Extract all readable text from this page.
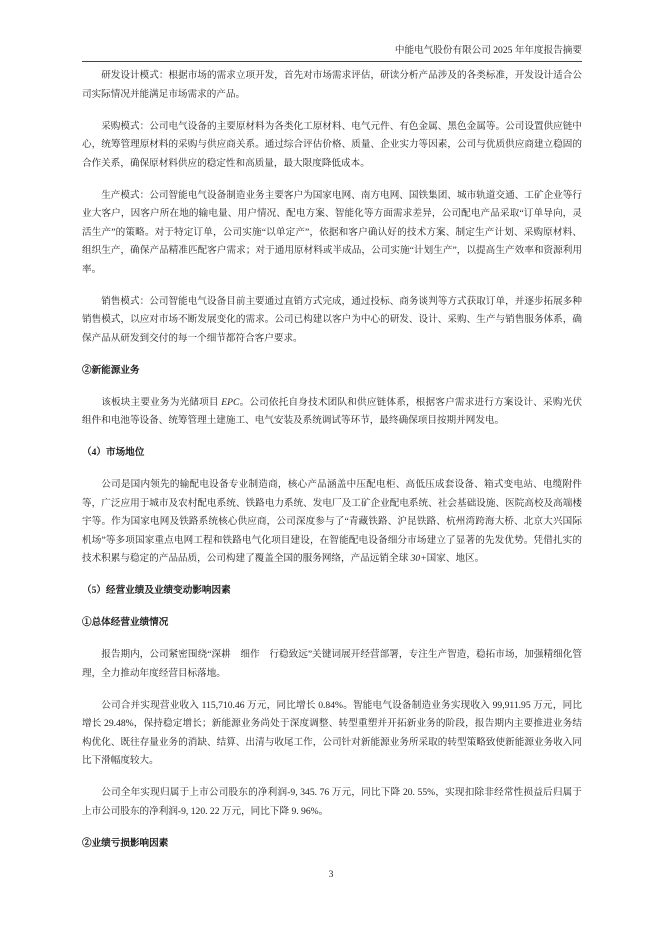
中能电气股份有限公司 2025 年年度报告摘要

研发设计模式：根据市场的需求立项开发，首先对市场需求评估，研读分析产品涉及的各类标准，开发设计适合公司实际情况并能满足市场需求的产品。

采购模式：公司电气设备的主要原材料为各类化工原材料、电气元件、有色金属、黑色金属等。公司设置供应链中心，统筹管理原材料的采购与供应商关系。通过综合评估价格、质量、企业实力等因素，公司与优质供应商建立稳固的合作关系，确保原材料供应的稳定性和高质量，最大限度降低成本。

生产模式：公司智能电气设备制造业务主要客户为国家电网、南方电网、国铁集团、城市轨道交通、工矿企业等行业大客户，因客户所在地的输电量、用户情况、配电方案、智能化等方面需求差异，公司配电产品采取“订单导向，灵活生产”的策略。对于特定订单，公司实施“以单定产”，依据和客户确认好的技术方案、制定生产计划、采购原材料、组织生产，确保产品精准匹配客户需求；对于通用原材料或半成品，公司实施“计划生产”，以提高生产效率和资源利用率。

销售模式：公司智能电气设备目前主要通过直销方式完成，通过投标、商务谈判等方式获取订单，并逐步拓展多种销售模式，以应对市场不断发展变化的需求。公司已构建以客户为中心的研发、设计、采购、生产与销售服务体系，确保产品从研发到交付的每一个细节都符合客户要求。

②新能源业务

该板块主要业务为光储项目 EPC。公司依托自身技术团队和供应链体系，根据客户需求进行方案设计、采购光伏组件和电池等设备、统筹管理土建施工、电气安装及系统调试等环节，最终确保项目按期并网发电。

（4）市场地位

公司是国内领先的输配电设备专业制造商，核心产品涵盖中压配电柜、高低压成套设备、箱式变电站、电缆附件等，广泛应用于城市及农村配电系统、铁路电力系统、发电厂及工矿企业配电系统、社会基础设施、医院高校及高端楼宇等。作为国家电网及铁路系统核心供应商，公司深度参与了“青藏铁路、沪昆铁路、杭州湾跨海大桥、北京大兴国际机场”等多项国家重点电网工程和铁路电气化项目建设，在智能配电设备细分市场建立了显著的先发优势。凭借扎实的技术积累与稳定的产品品质，公司构建了覆盖全国的服务网络，产品远销全球 30+国家、地区。

（5）经营业绩及业绩变动影响因素

①总体经营业绩情况

报告期内，公司紧密围绕“深耕　细作　行稳致远”关键词展开经营部署，专注生产智造，稳拓市场，加强精细化管理，全力推动年度经营目标落地。

公司合并实现营业收入 115,710.46 万元，同比增长 0.84%。智能电气设备制造业务实现收入 99,911.95 万元，同比增长 29.48%，保持稳定增长；新能源业务尚处于深度调整、转型重塑并开拓新业务的阶段，报告期内主要推进业务结构优化、既往存量业务的消缺、结算、出清与收尾工作，公司针对新能源业务所采取的转型策略致使新能源业务收入同比下滑幅度较大。

公司全年实现归属于上市公司股东的净利润-9, 345. 76 万元，同比下降 20. 55%，实现扣除非经常性损益后归属于上市公司股东的净利润-9, 120. 22 万元，同比下降 9. 96%。

②业绩亏损影响因素

3
